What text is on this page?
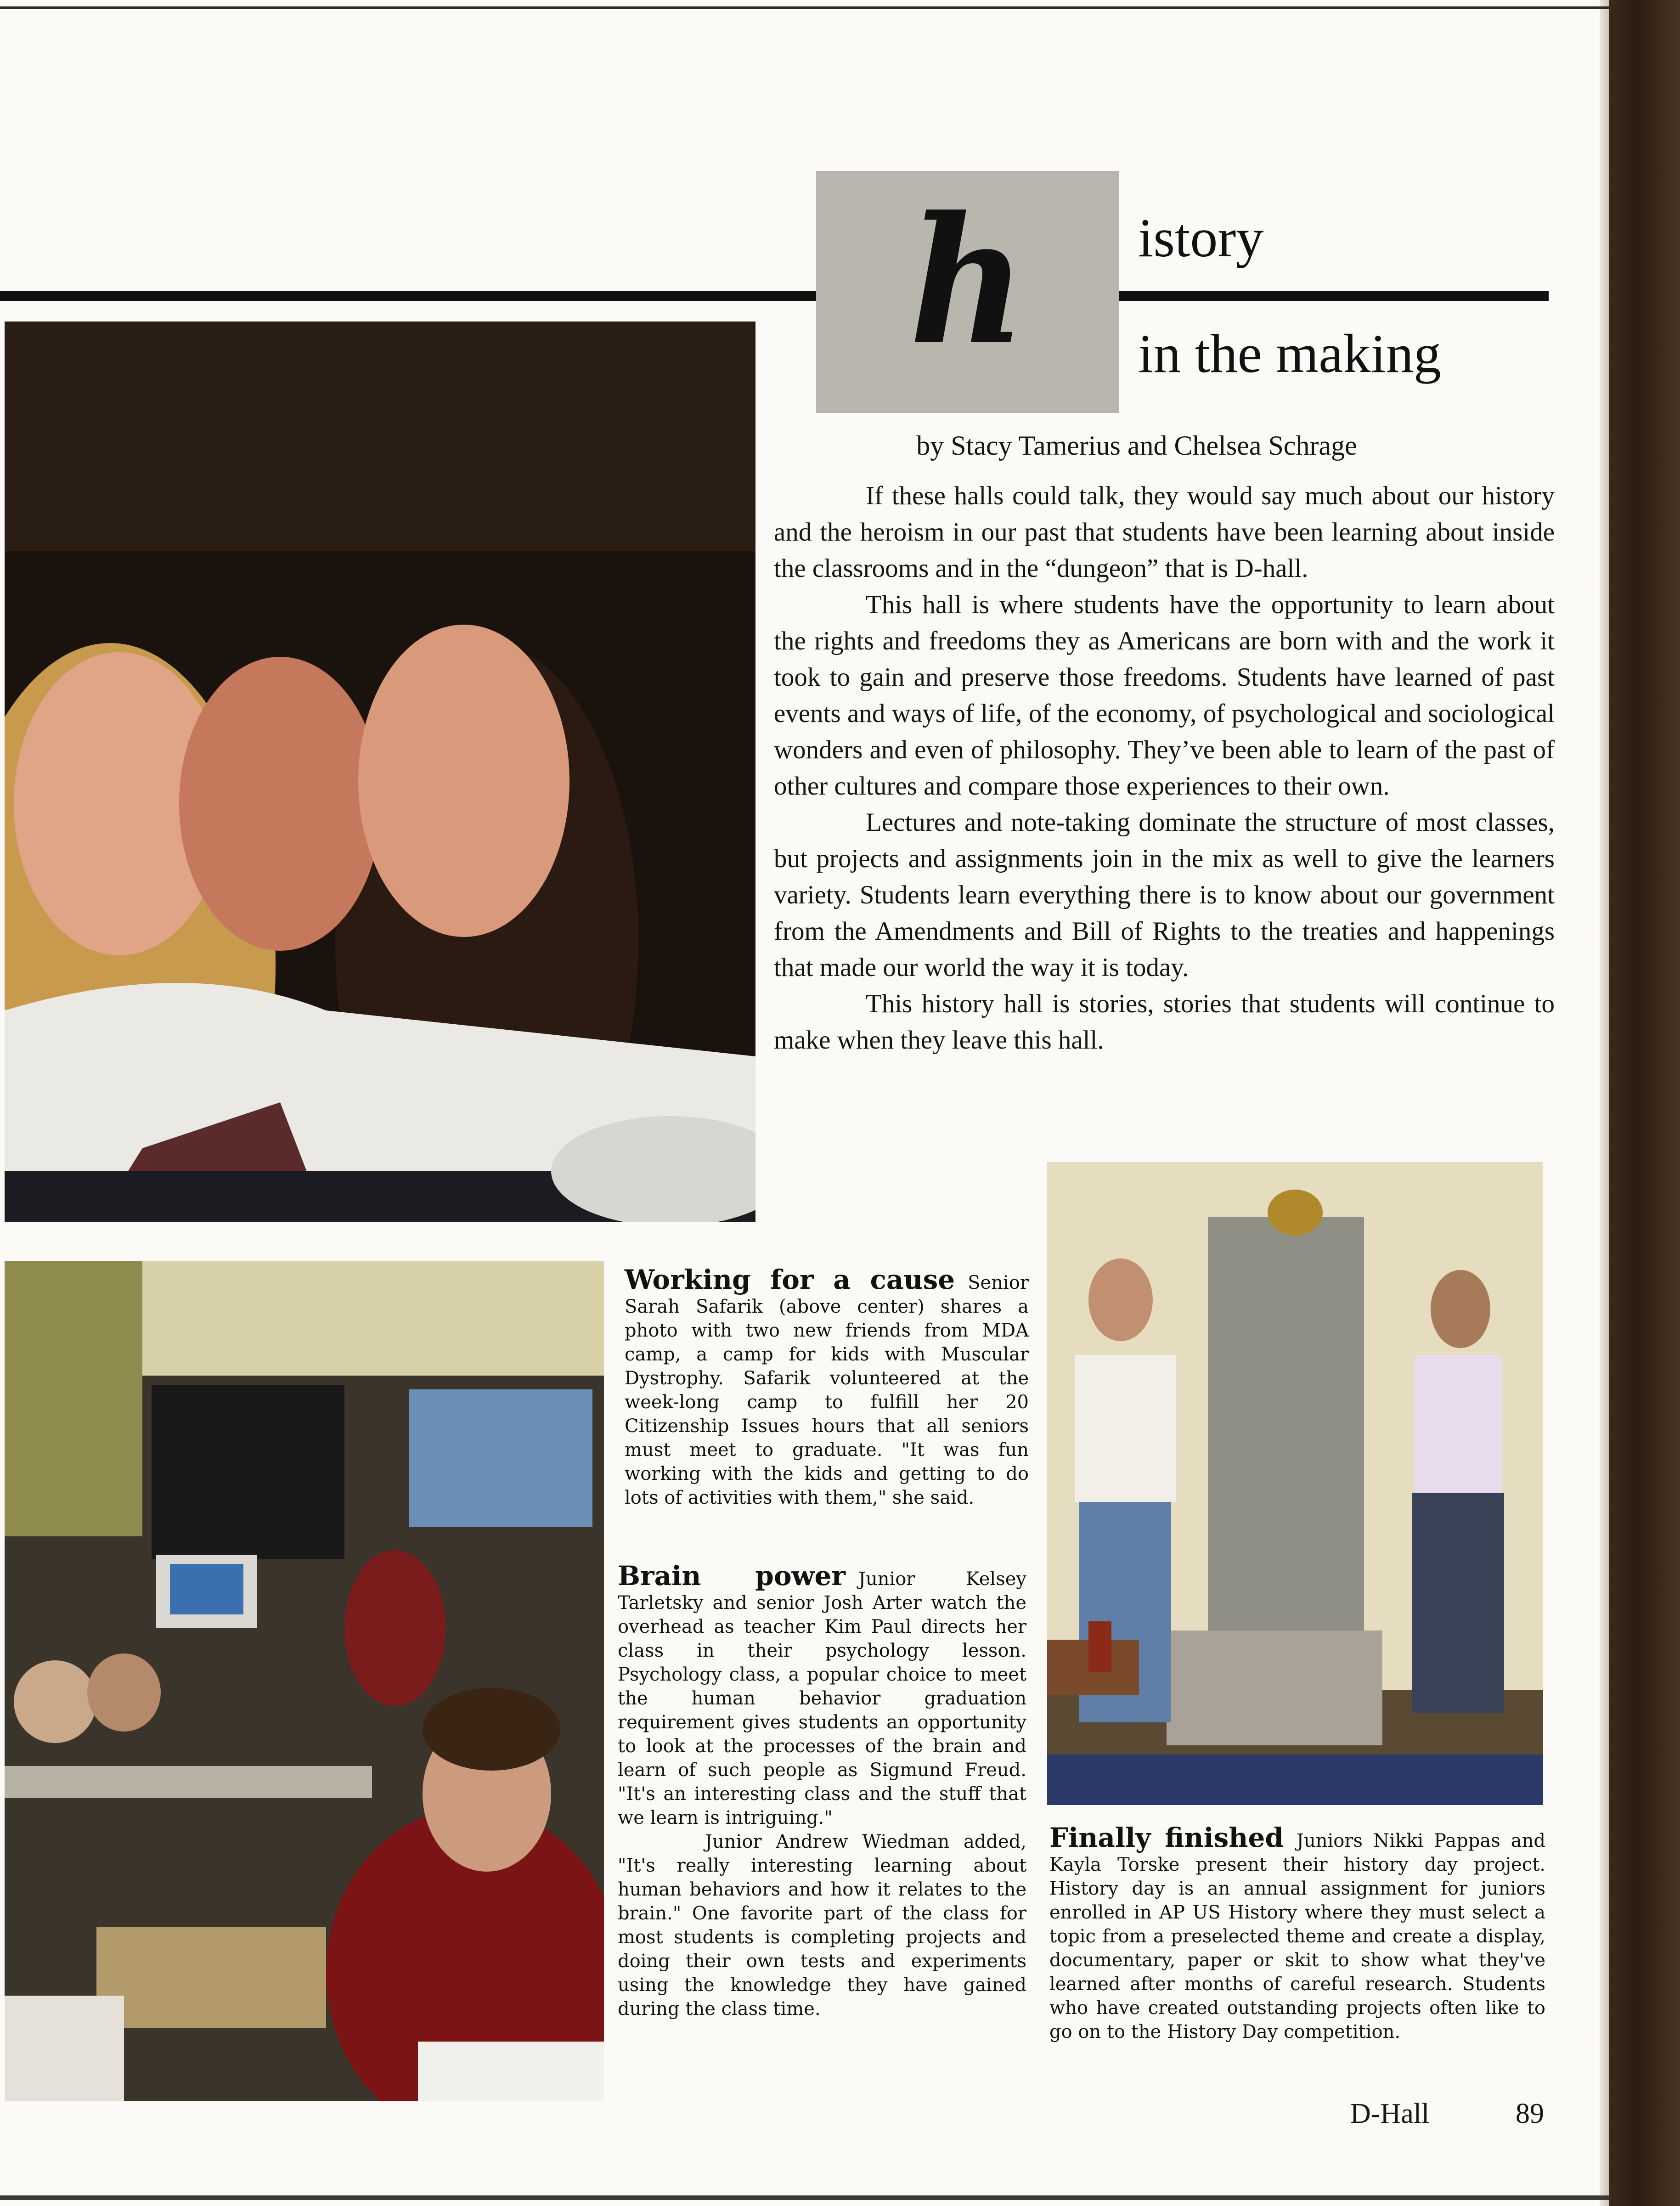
h	istory
in the making
by Stacy Tamerius and Chelsea Schrage

If these halls could talk, they would say much about our history and the heroism in our past that students have been learning about inside the classrooms and in the “dungeon” that is D-hall.

This hall is where students have the opportunity to learn about the rights and freedoms they as Americans are born with and the work it took to gain and preserve those freedoms. Students have learned of past events and ways of life, of the economy, of psychological and sociological wonders and even of philosophy. They’ve been able to learn of the past of other cultures and compare those experiences to their own.

Lectures and note-taking dominate the structure of most classes, but projects and assignments join in the mix as well to give the learners variety. Students learn everything there is to know about our government from the Amendments and Bill of Rights to the treaties and happenings that made our world the way it is today.

This history hall is stories, stories that students will continue to make when they leave this hall.

Working for a cause Senior Sarah Safarik (above center) shares a photo with two new friends from MDA camp, a camp for kids with Muscular Dystrophy. Safarik volunteered at the week-long camp to fulfill her 20 Citizenship Issues hours that all seniors must meet to graduate. "It was fun working with the kids and getting to do lots of activities with them," she said.

Brain power Junior Kelsey Tarletsky and senior Josh Arter watch the overhead as teacher Kim Paul directs her class in their psychology lesson. Psychology class, a popular choice to meet the human behavior graduation requirement gives students an opportunity to look at the processes of the brain and learn of such people as Sigmund Freud. "It's an interesting class and the stuff that we learn is intriguing."

Junior Andrew Wiedman added, "It's really interesting learning about human behaviors and how it relates to the brain." One favorite part of the class for most students is completing projects and doing their own tests and experiments using the knowledge they have gained during the class time.

Finally finished Juniors Nikki Pappas and Kayla Torske present their history day project. History day is an annual assignment for juniors enrolled in AP US History where they must select a topic from a preselected theme and create a display, documentary, paper or skit to show what they've learned after months of careful research. Students who have created outstanding projects often like to go on to the History Day competition.

D-Hall	89
